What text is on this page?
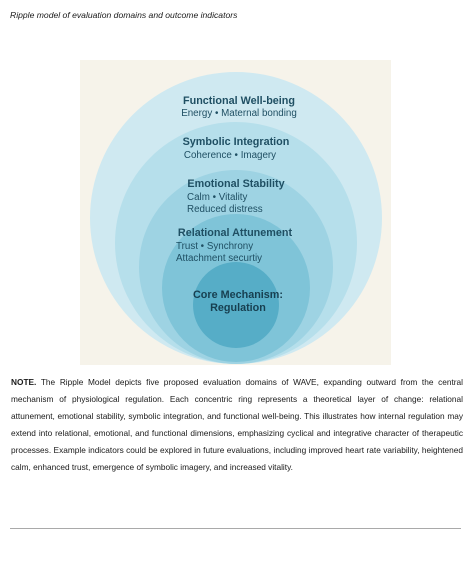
Ripple model of evaluation domains and outcome indicators
Functional Well-being
Energy • Maternal bonding
Symbolic Integration
Coherence • Imagery
Emotional Stability
Calm • Vitality
Reduced distress
Relational Attunement
Trust • Synchrony
Attachment securtiy
Core Mechanism:
Regulation
NOTE. The Ripple Model depicts five proposed evaluation domains of WAVE, expanding outward from the central mechanism of physiological regulation. Each concentric ring represents a theoretical layer of change: relational attunement, emotional stability, symbolic integration, and functional well-being. This illustrates how internal regulation may extend into relational, emotional, and functional dimensions, emphasizing cyclical and integrative character of therapeutic processes. Example indicators could be explored in future evaluations, including improved heart rate variability, heightened calm, enhanced trust, emergence of symbolic imagery, and increased vitality.
